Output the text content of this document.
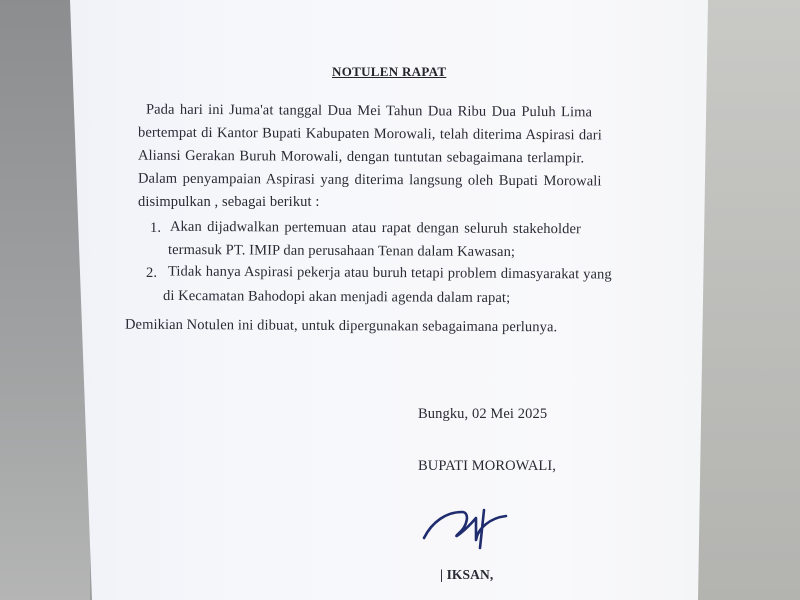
NOTULEN RAPAT
Pada hari ini Juma'at tanggal Dua Mei Tahun Dua Ribu Dua Puluh Lima
bertempat di Kantor Bupati Kabupaten Morowali, telah diterima Aspirasi dari
Aliansi Gerakan Buruh Morowali, dengan tuntutan sebagaimana terlampir.
Dalam penyampaian Aspirasi yang diterima langsung oleh Bupati Morowali
disimpulkan , sebagai berikut :
1. Akan dijadwalkan pertemuan atau rapat dengan seluruh stakeholder
termasuk PT. IMIP dan perusahaan Tenan dalam Kawasan;
2. Tidak hanya Aspirasi pekerja atau buruh tetapi problem dimasyarakat yang
di Kecamatan Bahodopi akan menjadi agenda dalam rapat;
Demikian Notulen ini dibuat, untuk dipergunakan sebagaimana perlunya.
Bungku, 02 Mei 2025
BUPATI MOROWALI,
| IKSAN,
